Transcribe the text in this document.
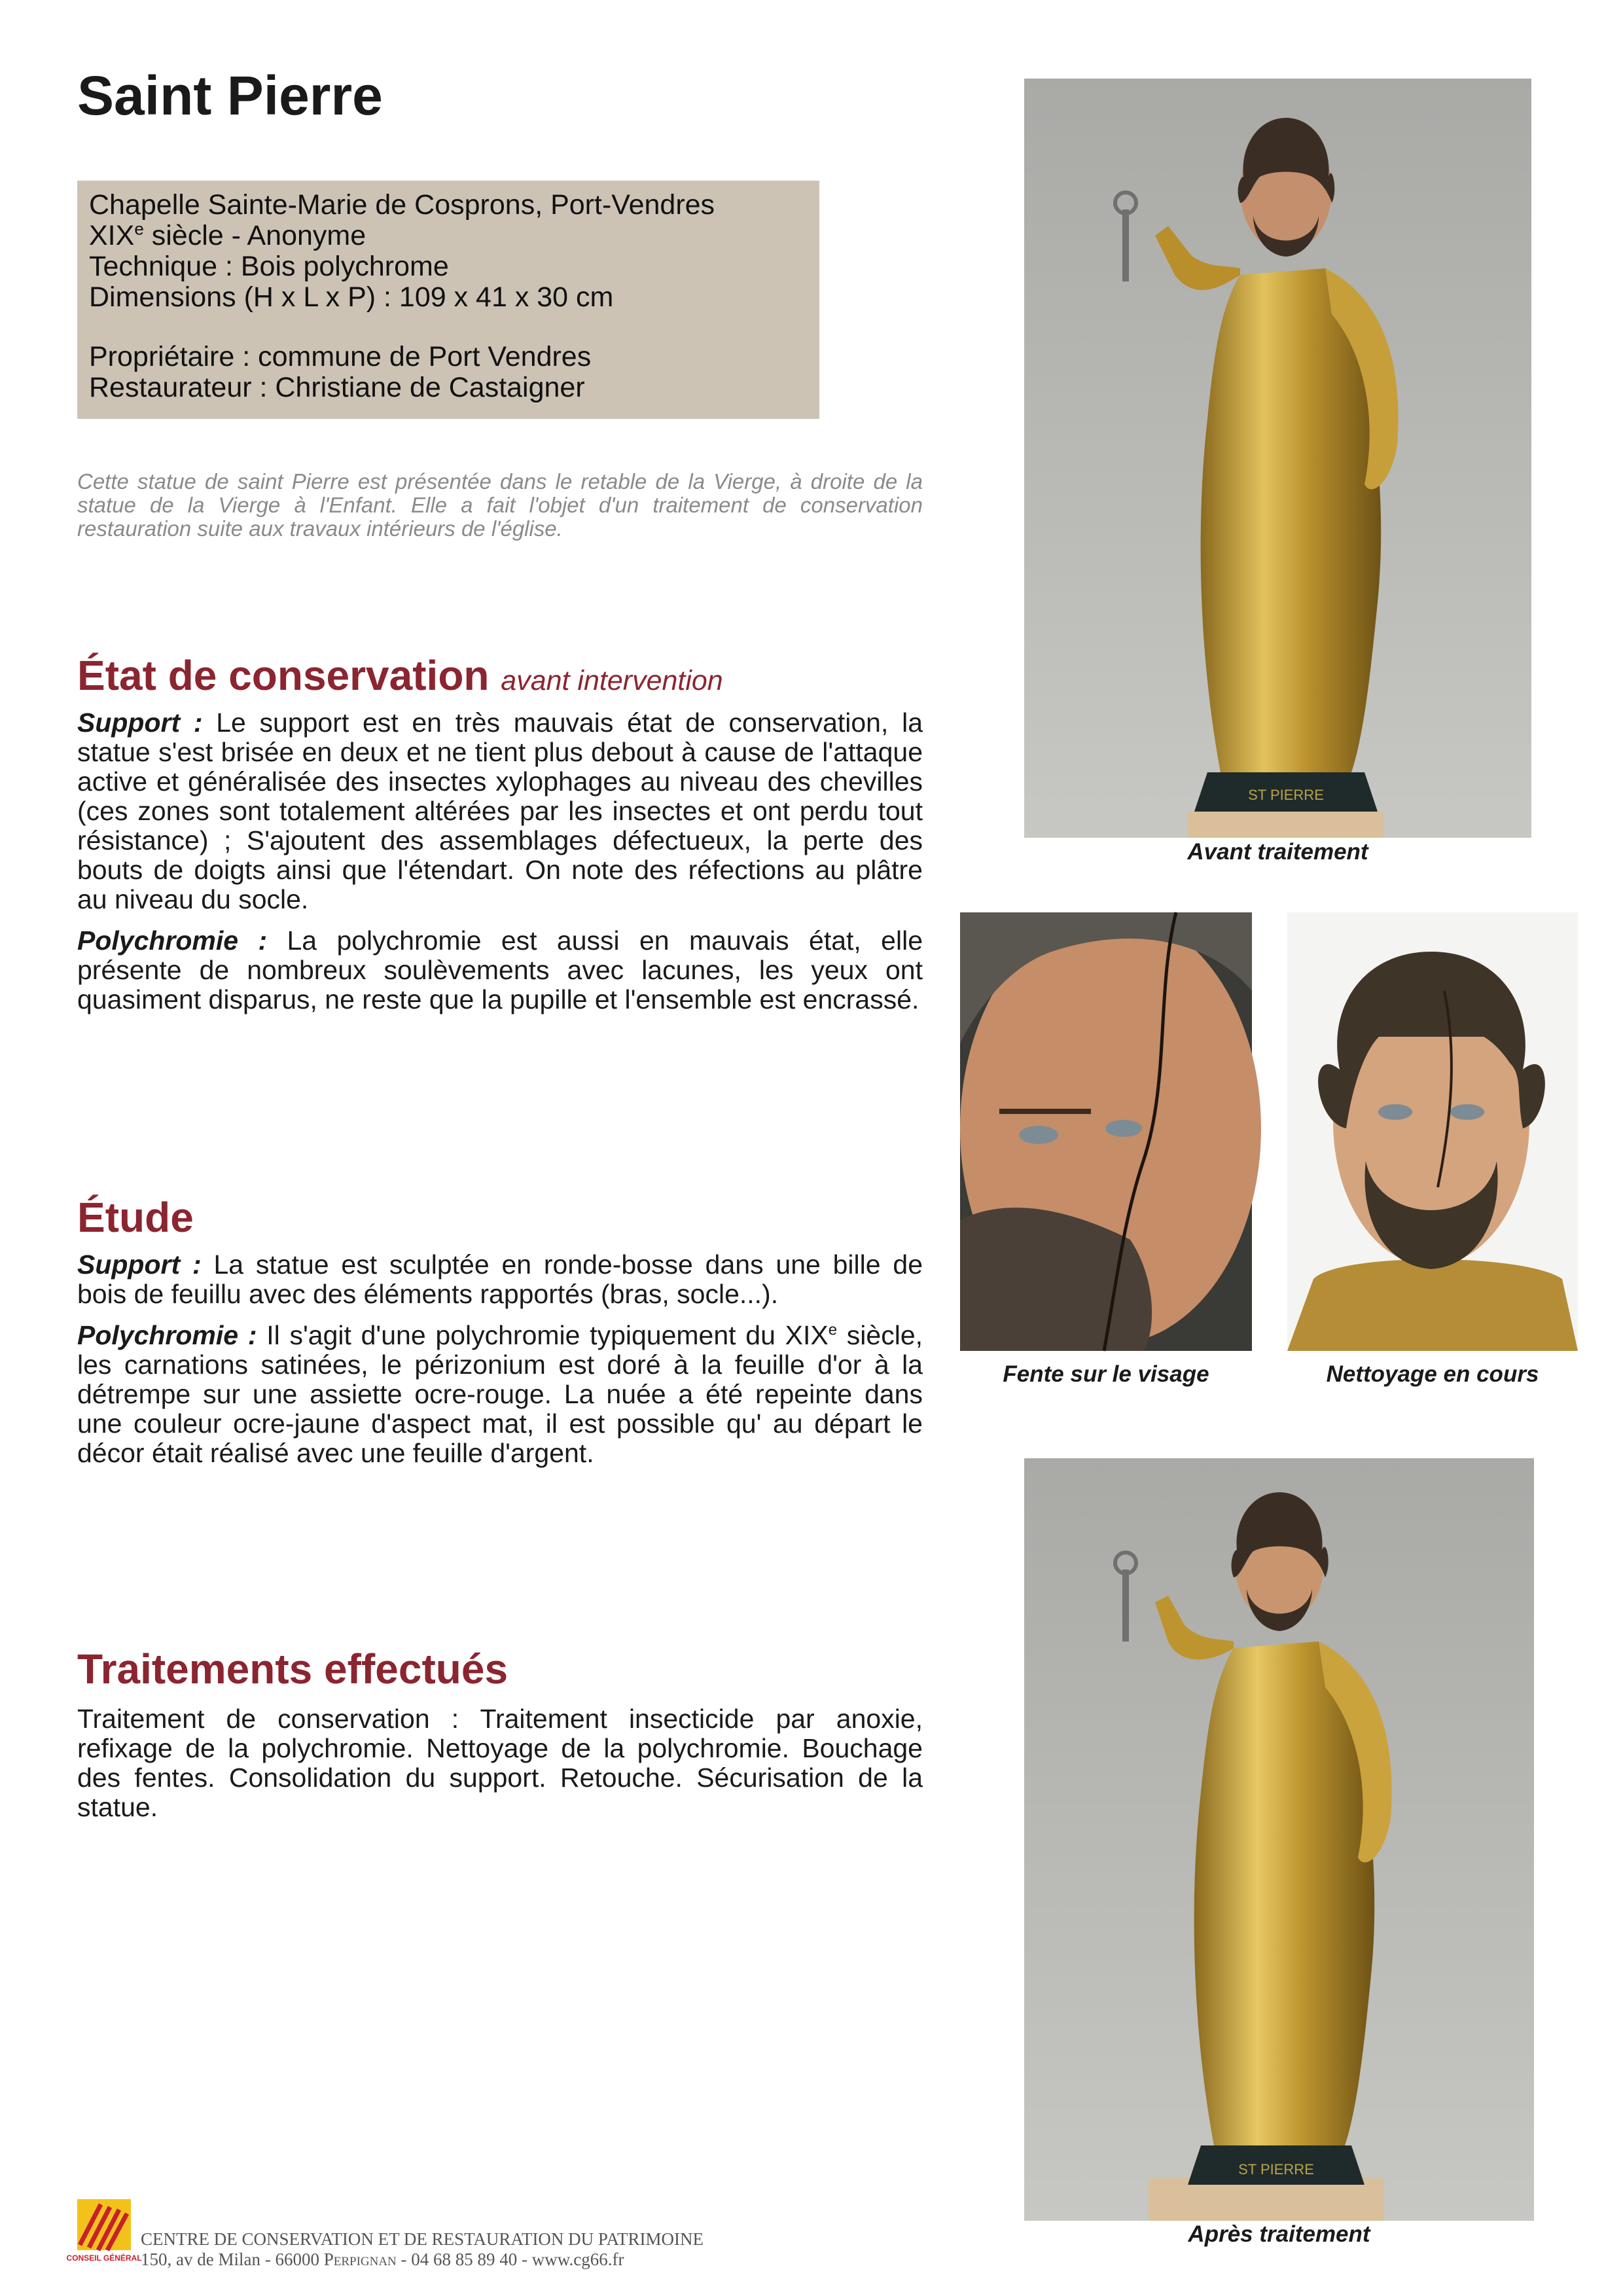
Saint Pierre

Chapelle Sainte-Marie de Cosprons, Port-Vendres

XIXe siècle - Anonyme

Technique : Bois polychrome

Dimensions (H x L x P) : 109 x 41 x 30 cm

Propriétaire : commune de Port Vendres

Restaurateur : Christiane de Castaigner

Cette statue de saint Pierre est présentée dans le retable de la Vierge, à droite de la statue de la Vierge à l'Enfant. Elle a fait l'objet d'un traitement de conservation restauration suite aux travaux intérieurs de l'église.
État de conservation avant intervention

Support : Le support est en très mauvais état de conservation, la statue s'est brisée en deux et ne tient plus debout à cause de l'attaque active et généralisée des insectes xylophages au niveau des chevilles (ces zones sont totalement altérées par les insectes et ont perdu tout résistance) ; S'ajoutent des assemblages défectueux, la perte des bouts de doigts ainsi que l'étendart. On note des réfections au plâtre au niveau du socle.

Polychromie : La polychromie est aussi en mauvais état, elle présente de nombreux soulèvements avec lacunes, les yeux ont quasiment disparus, ne reste que la pupille et l'ensemble est encrassé.

Étude

Support : La statue est sculptée en ronde-bosse dans une bille de bois de feuillu avec des éléments rapportés (bras, socle...).

Polychromie : Il s'agit d'une polychromie typiquement du XIXe siècle, les carnations satinées, le périzonium est doré à la feuille d'or à la détrempe sur une assiette ocre-rouge. La nuée a été repeinte dans une couleur ocre-jaune d'aspect mat, il est possible qu' au départ le décor était réalisé avec une feuille d'argent.

Traitements effectués

Traitement de conservation : Traitement insecticide par anoxie, refixage de la polychromie. Nettoyage de la polychromie. Bouchage des fentes. Consolidation du support. Retouche. Sécurisation de la statue.

ST PIERRE
Avant traitement
Fente sur le visage	Nettoyage en cours
ST PIERRE
Après traitement
CONSEIL GÉNÉRAL
CENTRE DE CONSERVATION ET DE RESTAURATION DU PATRIMOINE
150, av de Milan - 66000 Perpignan - 04 68 85 89 40 - www.cg66.fr
